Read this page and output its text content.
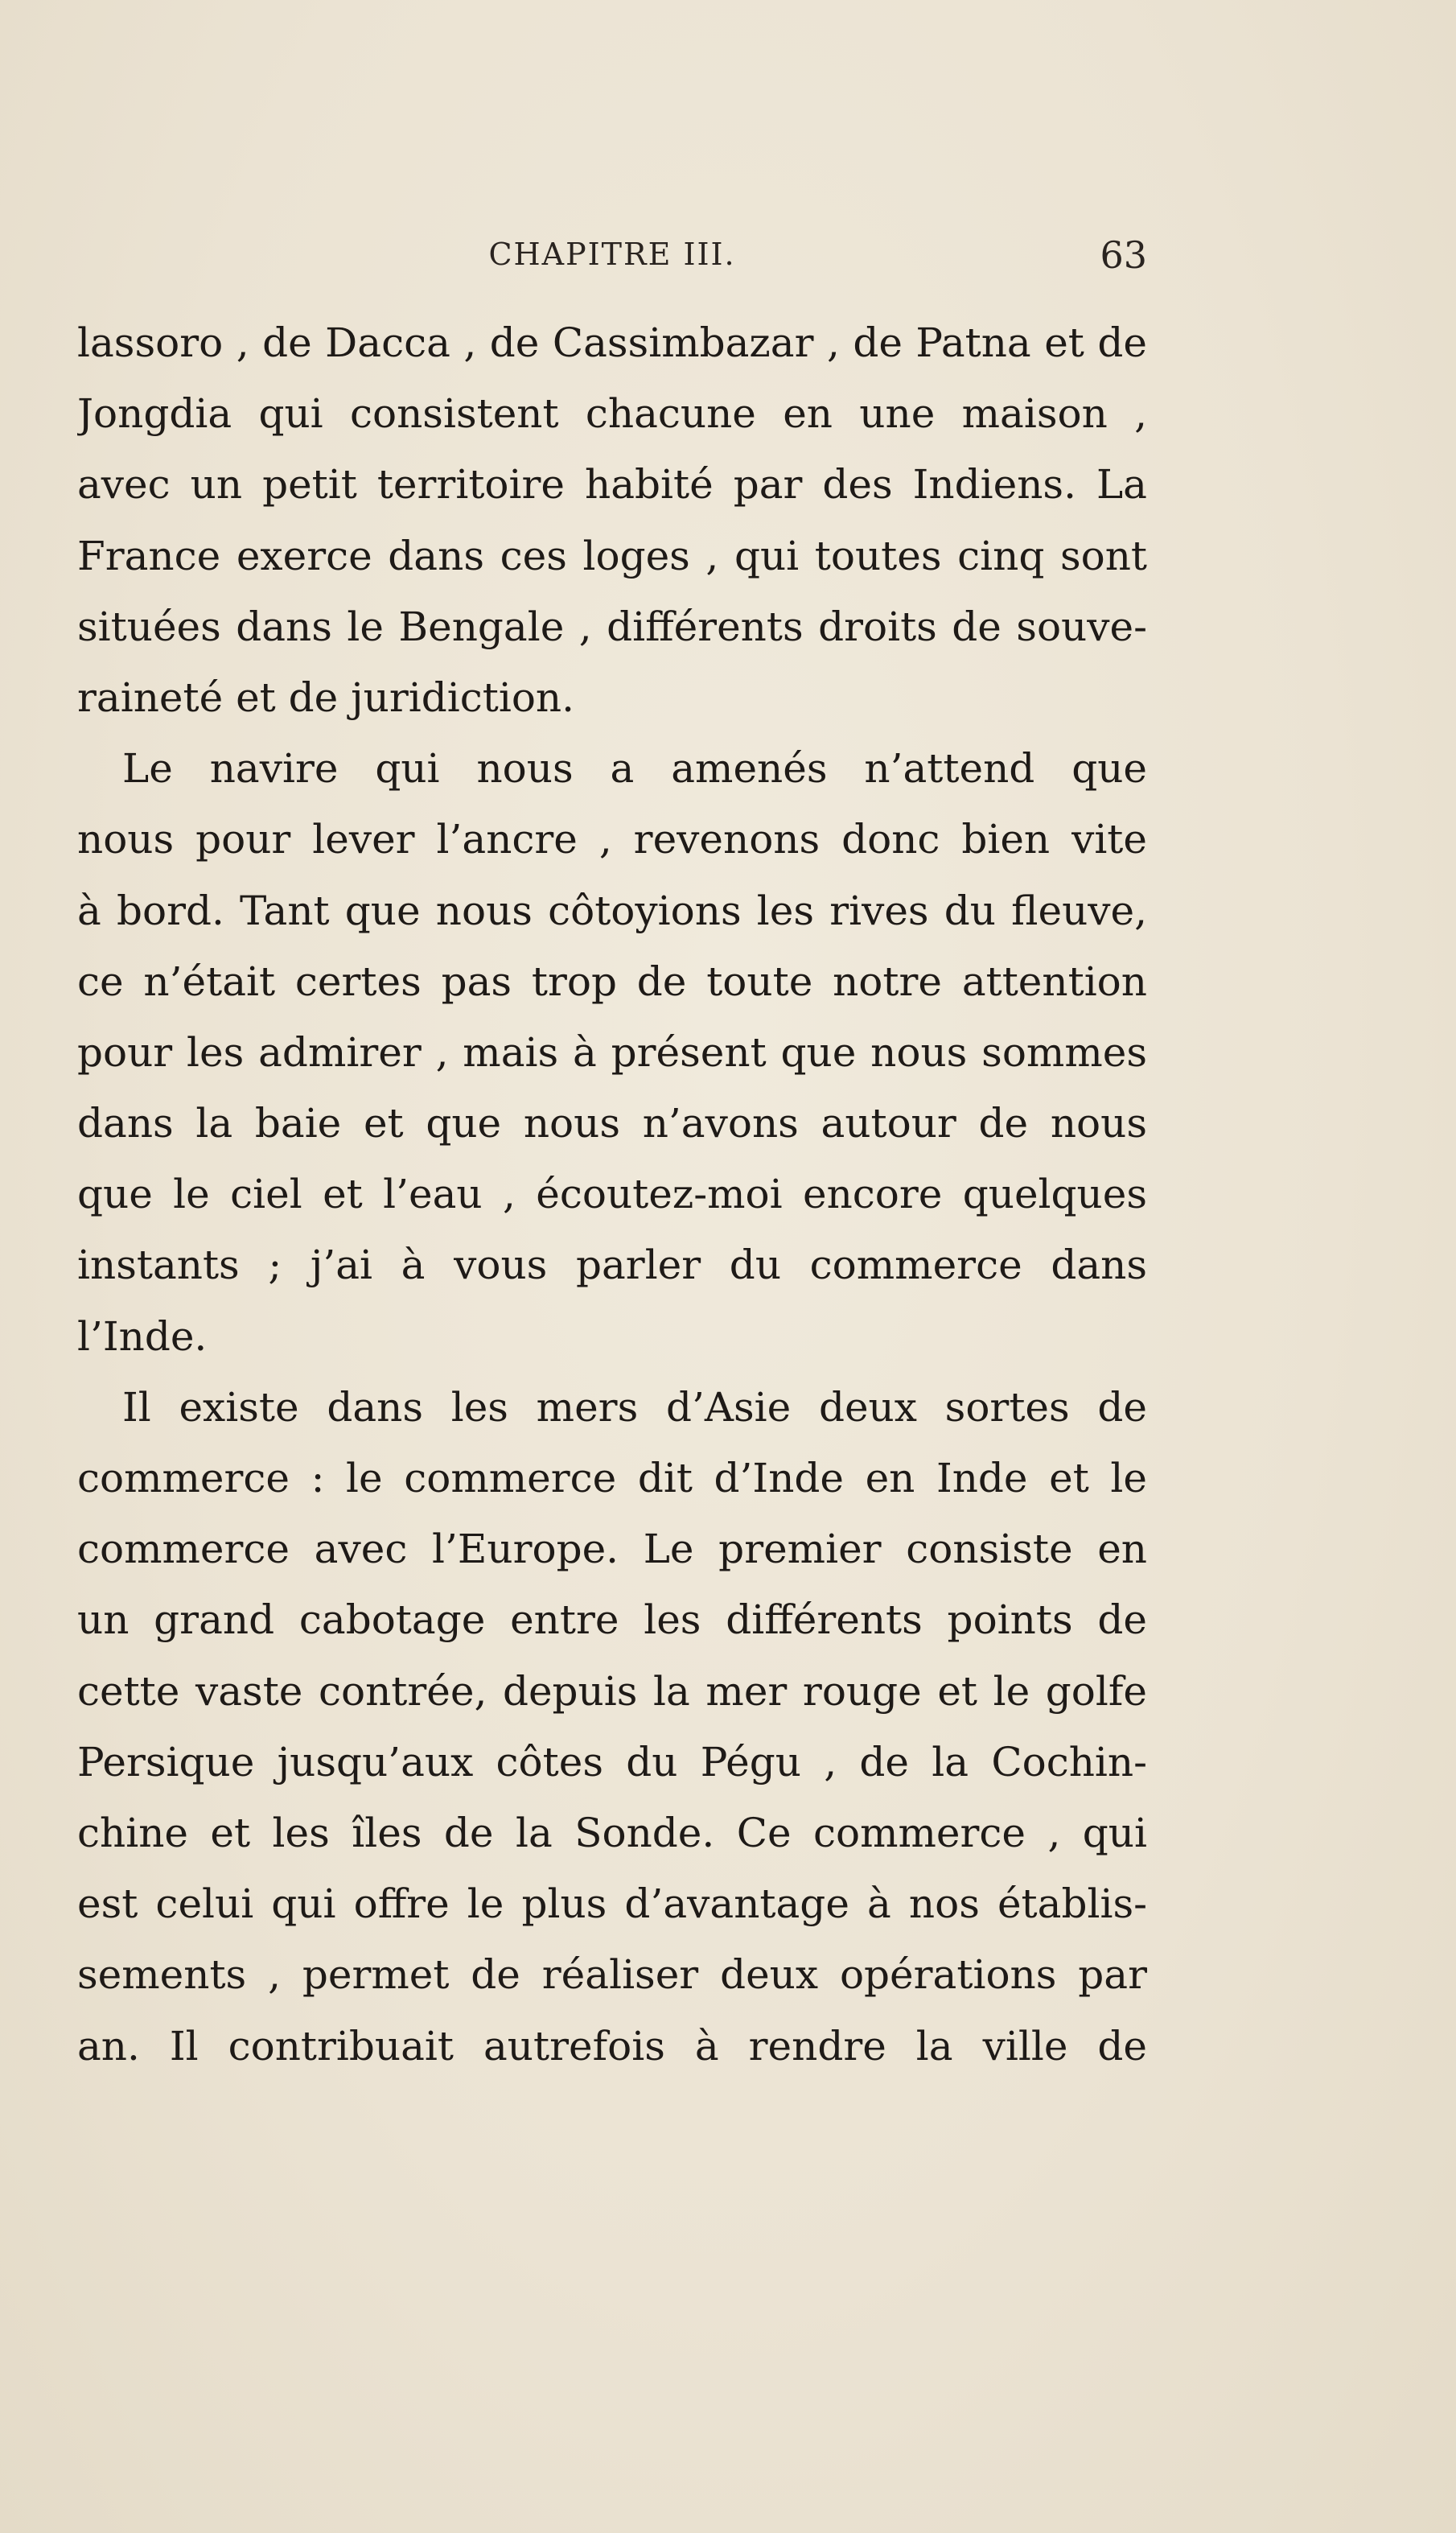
CHAPITRE III.	63
lassoro , de Dacca , de Cassimbazar , de Patna et de
Jongdia qui consistent chacune en une maison ,
avec un petit territoire habité par des Indiens. La
France exerce dans ces loges , qui toutes cinq sont
situées dans le Bengale , différents droits de souve-
raineté et de juridiction.
Le navire qui nous a amenés n’attend que
nous pour lever l’ancre , revenons donc bien vite
à bord. Tant que nous côtoyions les rives du fleuve,
ce n’était certes pas trop de toute notre attention
pour les admirer , mais à présent que nous sommes
dans la baie et que nous n’avons autour de nous
que le ciel et l’eau , écoutez-moi encore quelques
instants ; j’ai à vous parler du commerce dans
l’Inde.
Il existe dans les mers d’Asie deux sortes de
commerce : le commerce dit d’Inde en Inde et le
commerce avec l’Europe. Le premier consiste en
un grand cabotage entre les différents points de
cette vaste contrée, depuis la mer rouge et le golfe
Persique jusqu’aux côtes du Pégu , de la Cochin-
chine et les îles de la Sonde. Ce commerce , qui
est celui qui offre le plus d’avantage à nos établis-
sements , permet de réaliser deux opérations par
an. Il contribuait autrefois à rendre la ville de
